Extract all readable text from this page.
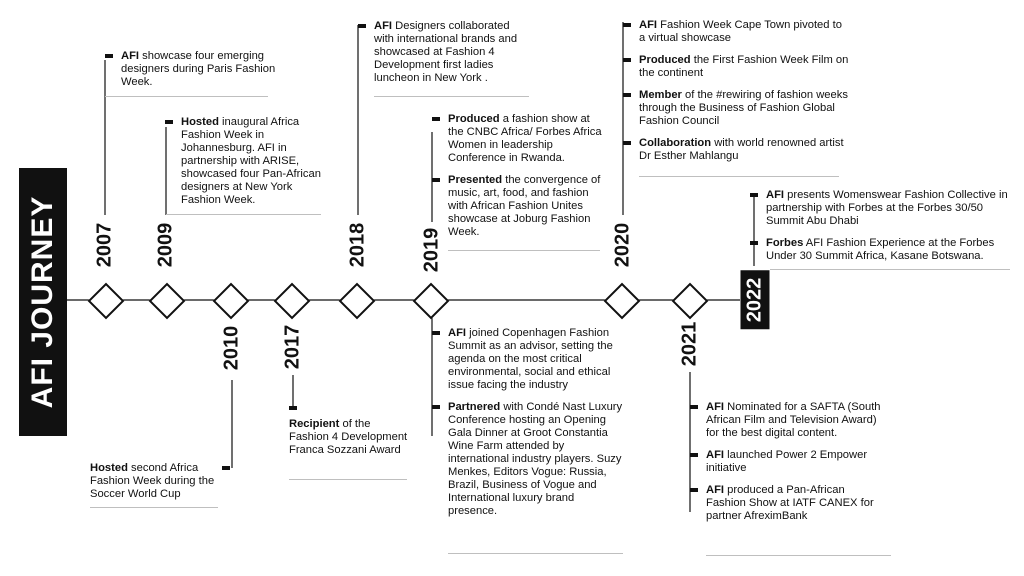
AFI JOURNEY 2007 2009
2010 2017
2018	2019	2020
2021
2022
AFI showcase four emerging designers during Paris Fashion Week.
Hosted inaugural Africa Fashion Week in Johannesburg. AFI in partnership with ARISE, showcased four Pan-African designers at New York Fashion Week.
Hosted second Africa Fashion Week during the Soccer World Cup
Recipient of the Fashion 4 Development Franca Sozzani Award
AFI Designers collaborated with international brands and showcased at Fashion 4 Development first ladies luncheon in New York .
Produced a fashion show at the CNBC Africa/ Forbes Africa Women in leadership Conference in Rwanda.
Presented the convergence of music, art, food, and fashion with African Fashion Unites showcase at Joburg Fashion Week.
AFI joined Copenhagen Fashion Summit as an advisor, setting the agenda on the most critical environmental, social and ethical issue facing the industry
Partnered with Condé Nast Luxury Conference hosting an Opening Gala Dinner at Groot Constantia Wine Farm attended by international industry players. Suzy Menkes, Editors Vogue: Russia, Brazil, Business of Vogue and International luxury brand presence.
AFI Fashion Week Cape Town pivoted to a virtual showcase
Produced the First Fashion Week Film on the continent
Member of the #rewiring of fashion weeks through the Business of Fashion Global Fashion Council
Collaboration with world renowned artist Dr Esther Mahlangu
AFI Nominated for a SAFTA (South African Film and Television Award) for the best digital content.
AFI launched Power 2 Empower initiative
AFI produced a Pan-African Fashion Show at IATF CANEX for partner AfreximBank
AFI presents Womenswear Fashion Collective in partnership with Forbes at the Forbes 30/50 Summit Abu Dhabi
Forbes AFI Fashion Experience at the Forbes Under 30 Summit Africa, Kasane Botswana.
